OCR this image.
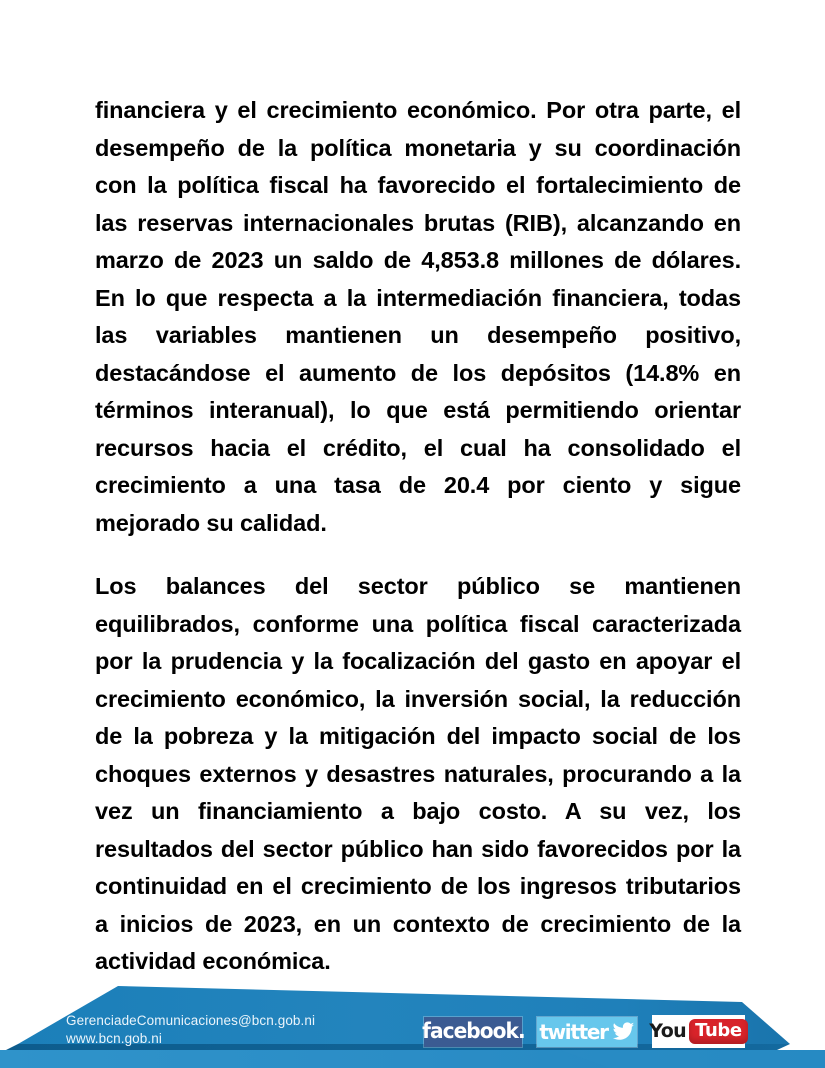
financiera y el crecimiento económico. Por otra parte, el desempeño de la política monetaria y su coordinación con la política fiscal ha favorecido el fortalecimiento de las reservas internacionales brutas (RIB), alcanzando en marzo de 2023 un saldo de 4,853.8 millones de dólares. En lo que respecta a la intermediación financiera, todas las variables mantienen un desempeño positivo, destacándose el aumento de los depósitos (14.8% en términos interanual), lo que está permitiendo orientar recursos hacia el crédito, el cual ha consolidado el crecimiento a una tasa de 20.4 por ciento y sigue mejorado su calidad.

Los balances del sector público se mantienen equilibrados, conforme una política fiscal caracterizada por la prudencia y la focalización del gasto en apoyar el crecimiento económico, la inversión social, la reducción de la pobreza y la mitigación del impacto social de los choques externos y desastres naturales, procurando a la vez un financiamiento a bajo costo. A su vez, los resultados del sector público han sido favorecidos por la continuidad en el crecimiento de los ingresos tributarios a inicios de 2023, en un contexto de crecimiento de la actividad económica.

GerenciadeComunicaciones@bcn.gob.ni
www.bcn.gob.ni	facebook. twitter You Tube
